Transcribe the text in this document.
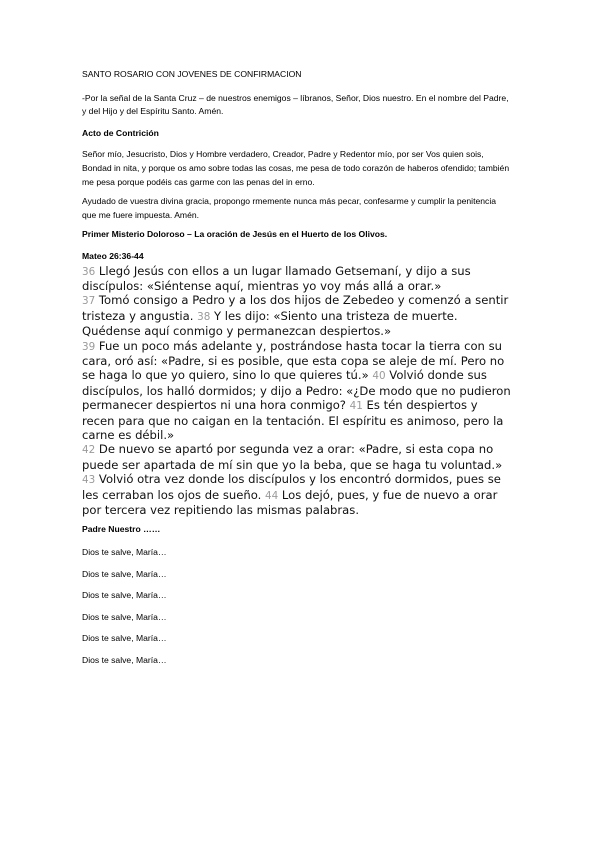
SANTO ROSARIO CON JOVENES DE CONFIRMACION

-Por la señal de la Santa Cruz – de nuestros enemigos – líbranos, Señor, Dios nuestro. En el nombre del Padre, y del Hijo y del Espíritu Santo. Amén.

Acto de Contrición

Señor mío, Jesucristo, Dios y Hombre verdadero, Creador, Padre y Redentor mío, por ser Vos quien sois, Bondad in nita, y porque os amo sobre todas las cosas, me pesa de todo corazón de haberos ofendido; también me pesa porque podéis cas garme con las penas del in erno.

Ayudado de vuestra divina gracia, propongo rmemente nunca más pecar, confesarme y cumplir la penitencia que me fuere impuesta. Amén.

Primer Misterio Doloroso – La oración de Jesús en el Huerto de los Olivos.

Mateo 26:36-44

36 Llegó Jesús con ellos a un lugar llamado Getsemaní, y dijo a sus discípulos: «Siéntense aquí, mientras yo voy más allá a orar.»

37 Tomó consigo a Pedro y a los dos hijos de Zebedeo y comenzó a sentir tristeza y angustia. 38 Y les dijo: «Siento una tristeza de muerte. Quédense aquí conmigo y permanezcan despiertos.»

39 Fue un poco más adelante y, postrándose hasta tocar la tierra con su cara, oró así: «Padre, si es posible, que esta copa se aleje de mí. Pero no se haga lo que yo quiero, sino lo que quieres tú.» 40 Volvió donde sus discípulos, los halló dormidos; y dijo a Pedro: «¿De modo que no pudieron permanecer despiertos ni una hora conmigo? 41 Es tén despiertos y recen para que no caigan en la tentación. El espíritu es animoso, pero la carne es débil.»

42 De nuevo se apartó por segunda vez a orar: «Padre, si esta copa no puede ser apartada de mí sin que yo la beba, que se haga tu voluntad.» 43 Volvió otra vez donde los discípulos y los encontró dormidos, pues se les cerraban los ojos de sueño. 44 Los dejó, pues, y fue de nuevo a orar por tercera vez repitiendo las mismas palabras.

Padre Nuestro ……

Dios te salve, María…

Dios te salve, María…

Dios te salve, María…

Dios te salve, María…

Dios te salve, María…

Dios te salve, María…
